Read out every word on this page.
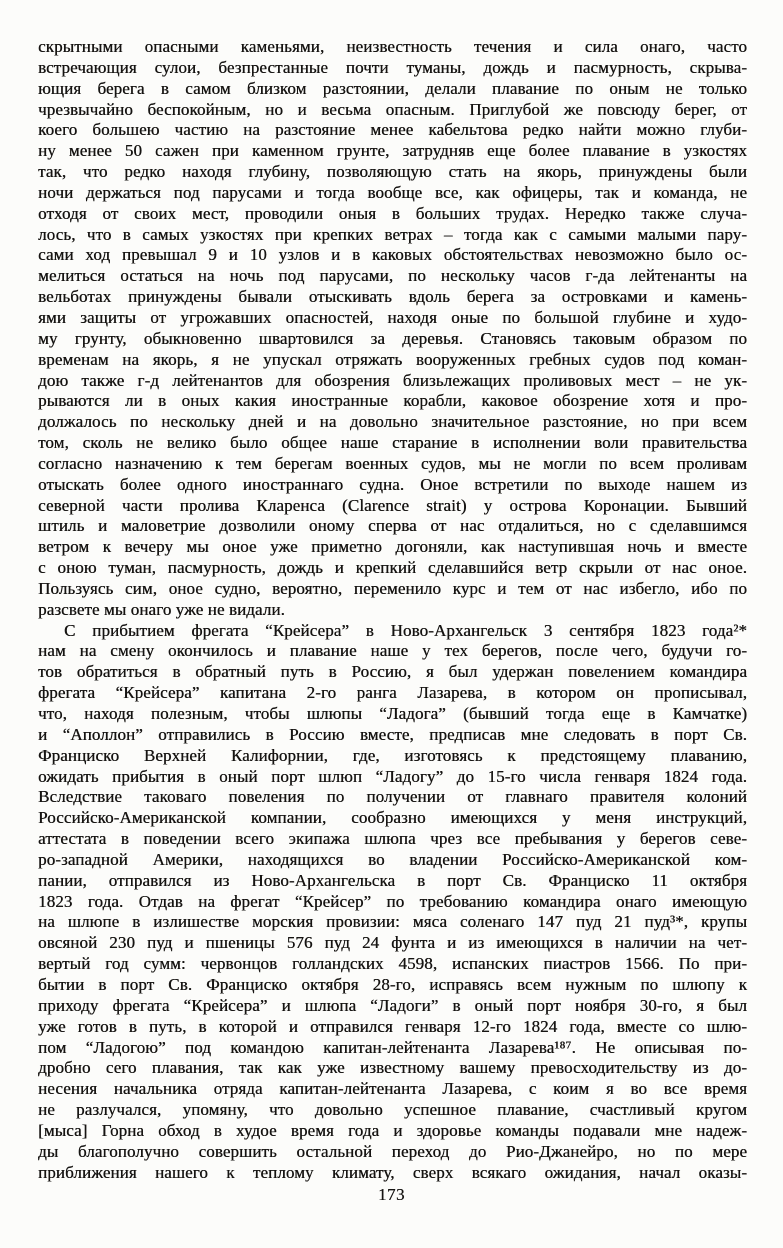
скрытными опасными каменьями, неизвестность течения и сила онаго, часто
встречающия сулои, безпрестанные почти туманы, дождь и пасмурность, скрыва-
ющия берега в самом близком разстоянии, делали плавание по оным не только
чрезвычайно беспокойным, но и весьма опасным. Приглубой же повсюду берег, от
коего большею частию на разстояние менее кабельтова редко найти можно глуби-
ну менее 50 сажен при каменном грунте, затрудняв еще более плавание в узкостях
так, что редко находя глубину, позволяющую стать на якорь, принуждены были
ночи держаться под парусами и тогда вообще все, как офицеры, так и команда, не
отходя от своих мест, проводили оныя в больших трудах. Нередко также случа-
лось, что в самых узкостях при крепких ветрах – тогда как с самыми малыми пару-
сами ход превышал 9 и 10 узлов и в каковых обстоятельствах невозможно было ос-
мелиться остаться на ночь под парусами, по нескольку часов г-да лейтенанты на
вельботах принуждены бывали отыскивать вдоль берега за островками и камень-
ями защиты от угрожавших опасностей, находя оные по большой глубине и худо-
му грунту, обыкновенно швартовился за деревья. Становясь таковым образом по
временам на якорь, я не упускал отряжать вооруженных гребных судов под коман-
дою также г-д лейтенантов для обозрения близьлежащих проливовых мест – не ук-
рываются ли в оных какия иностранные корабли, каковое обозрение хотя и про-
должалось по нескольку дней и на довольно значительное разстояние, но при всем
том, сколь не велико было общее наше старание в исполнении воли правительства
согласно назначению к тем берегам военных судов, мы не могли по всем проливам
отыскать более одного иностраннаго судна. Оное встретили по выходе нашем из
северной части пролива Кларенса (Clarence strait) у острова Коронации. Бывший
штиль и маловетрие дозволили оному сперва от нас отдалиться, но с сделавшимся
ветром к вечеру мы оное уже приметно догоняли, как наступившая ночь и вместе
с оною туман, пасмурность, дождь и крепкий сделавшийся ветр скрыли от нас оное.
Пользуясь сим, оное судно, вероятно, переменило курс и тем от нас избегло, ибо по
разсвете мы онаго уже не видали.
С прибытием фрегата “Крейсера” в Ново-Архангельск 3 сентября 1823 года²*
нам на смену окончилось и плавание наше у тех берегов, после чего, будучи го-
тов обратиться в обратный путь в Россию, я был удержан повелением командира
фрегата “Крейсера” капитана 2-го ранга Лазарева, в котором он прописывал,
что, находя полезным, чтобы шлюпы “Ладога” (бывший тогда еще в Камчатке)
и “Аполлон” отправились в Россию вместе, предписав мне следовать в порт Св.
Франциско Верхней Калифорнии, где, изготовясь к предстоящему плаванию,
ожидать прибытия в оный порт шлюп “Ладогу” до 15-го числа генваря 1824 года.
Вследствие таковаго повеления по получении от главнаго правителя колоний
Российско-Американской компании, сообразно имеющихся у меня инструкций,
аттестата в поведении всего экипажа шлюпа чрез все пребывания у берегов севе-
ро-западной Америки, находящихся во владении Российско-Американской ком-
пании, отправился из Ново-Архангельска в порт Св. Франциско 11 октября
1823 года. Отдав на фрегат “Крейсер” по требованию командира онаго имеющую
на шлюпе в излишестве морския провизии: мяса соленаго 147 пуд 21 пуд³*, крупы
овсяной 230 пуд и пшеницы 576 пуд 24 фунта и из имеющихся в наличии на чет-
вертый год сумм: червонцов голландских 4598, испанских пиастров 1566. По при-
бытии в порт Св. Франциско октября 28-го, исправясь всем нужным по шлюпу к
приходу фрегата “Крейсера” и шлюпа “Ладоги” в оный порт ноября 30-го, я был
уже готов в путь, в которой и отправился генваря 12-го 1824 года, вместе со шлю-
пом “Ладогою” под командою капитан-лейтенанта Лазарева¹⁸⁷. Не описывая по-
дробно сего плавания, так как уже известному вашему превосходительству из до-
несения начальника отряда капитан-лейтенанта Лазарева, с коим я во все время
не разлучался, упомяну, что довольно успешное плавание, счастливый кругом
[мыса] Горна обход в худое время года и здоровье команды подавали мне надеж-
ды благополучно совершить остальной переход до Рио-Джанейро, но по мере
приближения нашего к теплому климату, сверх всякаго ожидания, начал оказы-
173
